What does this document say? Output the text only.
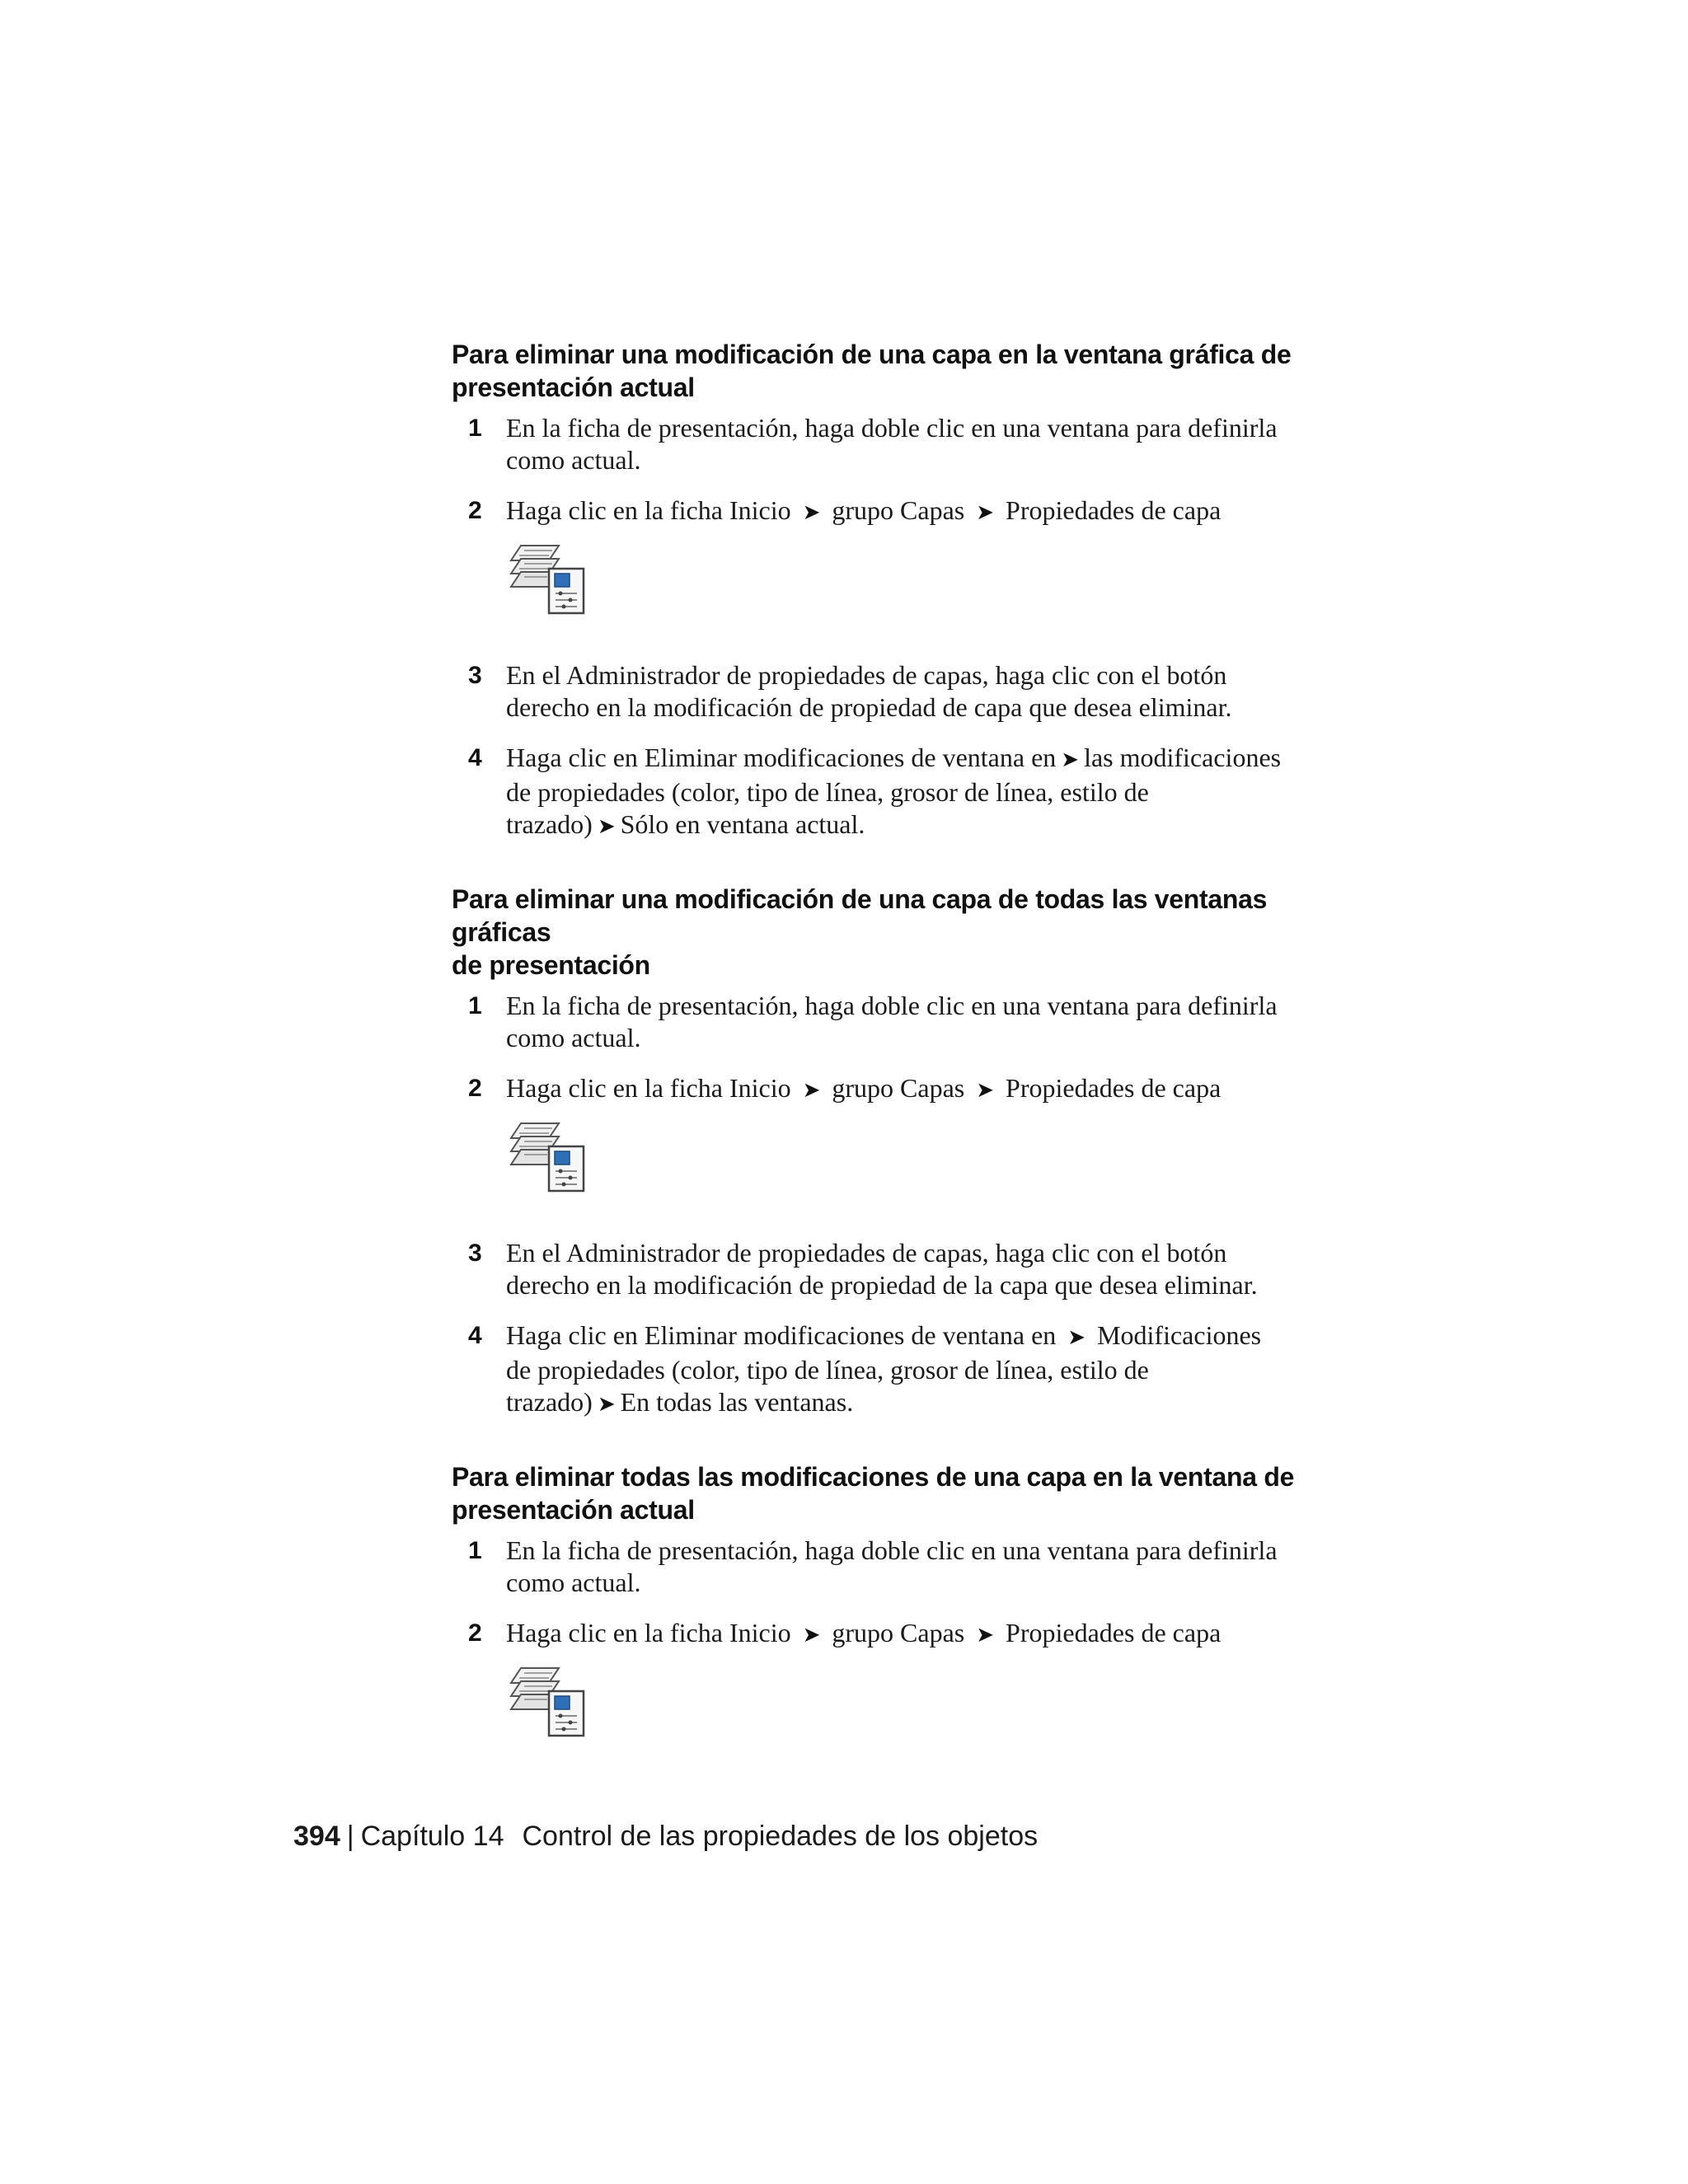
Para eliminar una modificación de una capa en la ventana gráfica de
presentación actual
1 En la ficha de presentación, haga doble clic en una ventana para definirla
como actual.
2 Haga clic en la ficha Inicio ➤ grupo Capas ➤ Propiedades de capa
3 En el Administrador de propiedades de capas, haga clic con el botón
derecho en la modificación de propiedad de capa que desea eliminar.
4 Haga clic en Eliminar modificaciones de ventana en ➤ las modificaciones
de propiedades (color, tipo de línea, grosor de línea, estilo de
trazado) ➤ Sólo en ventana actual.
Para eliminar una modificación de una capa de todas las ventanas gráficas
de presentación
1 En la ficha de presentación, haga doble clic en una ventana para definirla
como actual.
2 Haga clic en la ficha Inicio ➤ grupo Capas ➤ Propiedades de capa
3 En el Administrador de propiedades de capas, haga clic con el botón
derecho en la modificación de propiedad de la capa que desea eliminar.
4 Haga clic en Eliminar modificaciones de ventana en ➤ Modificaciones
de propiedades (color, tipo de línea, grosor de línea, estilo de
trazado) ➤ En todas las ventanas.
Para eliminar todas las modificaciones de una capa en la ventana de
presentación actual
1 En la ficha de presentación, haga doble clic en una ventana para definirla
como actual.
2 Haga clic en la ficha Inicio ➤ grupo Capas ➤ Propiedades de capa
394 | Capítulo 14 Control de las propiedades de los objetos
